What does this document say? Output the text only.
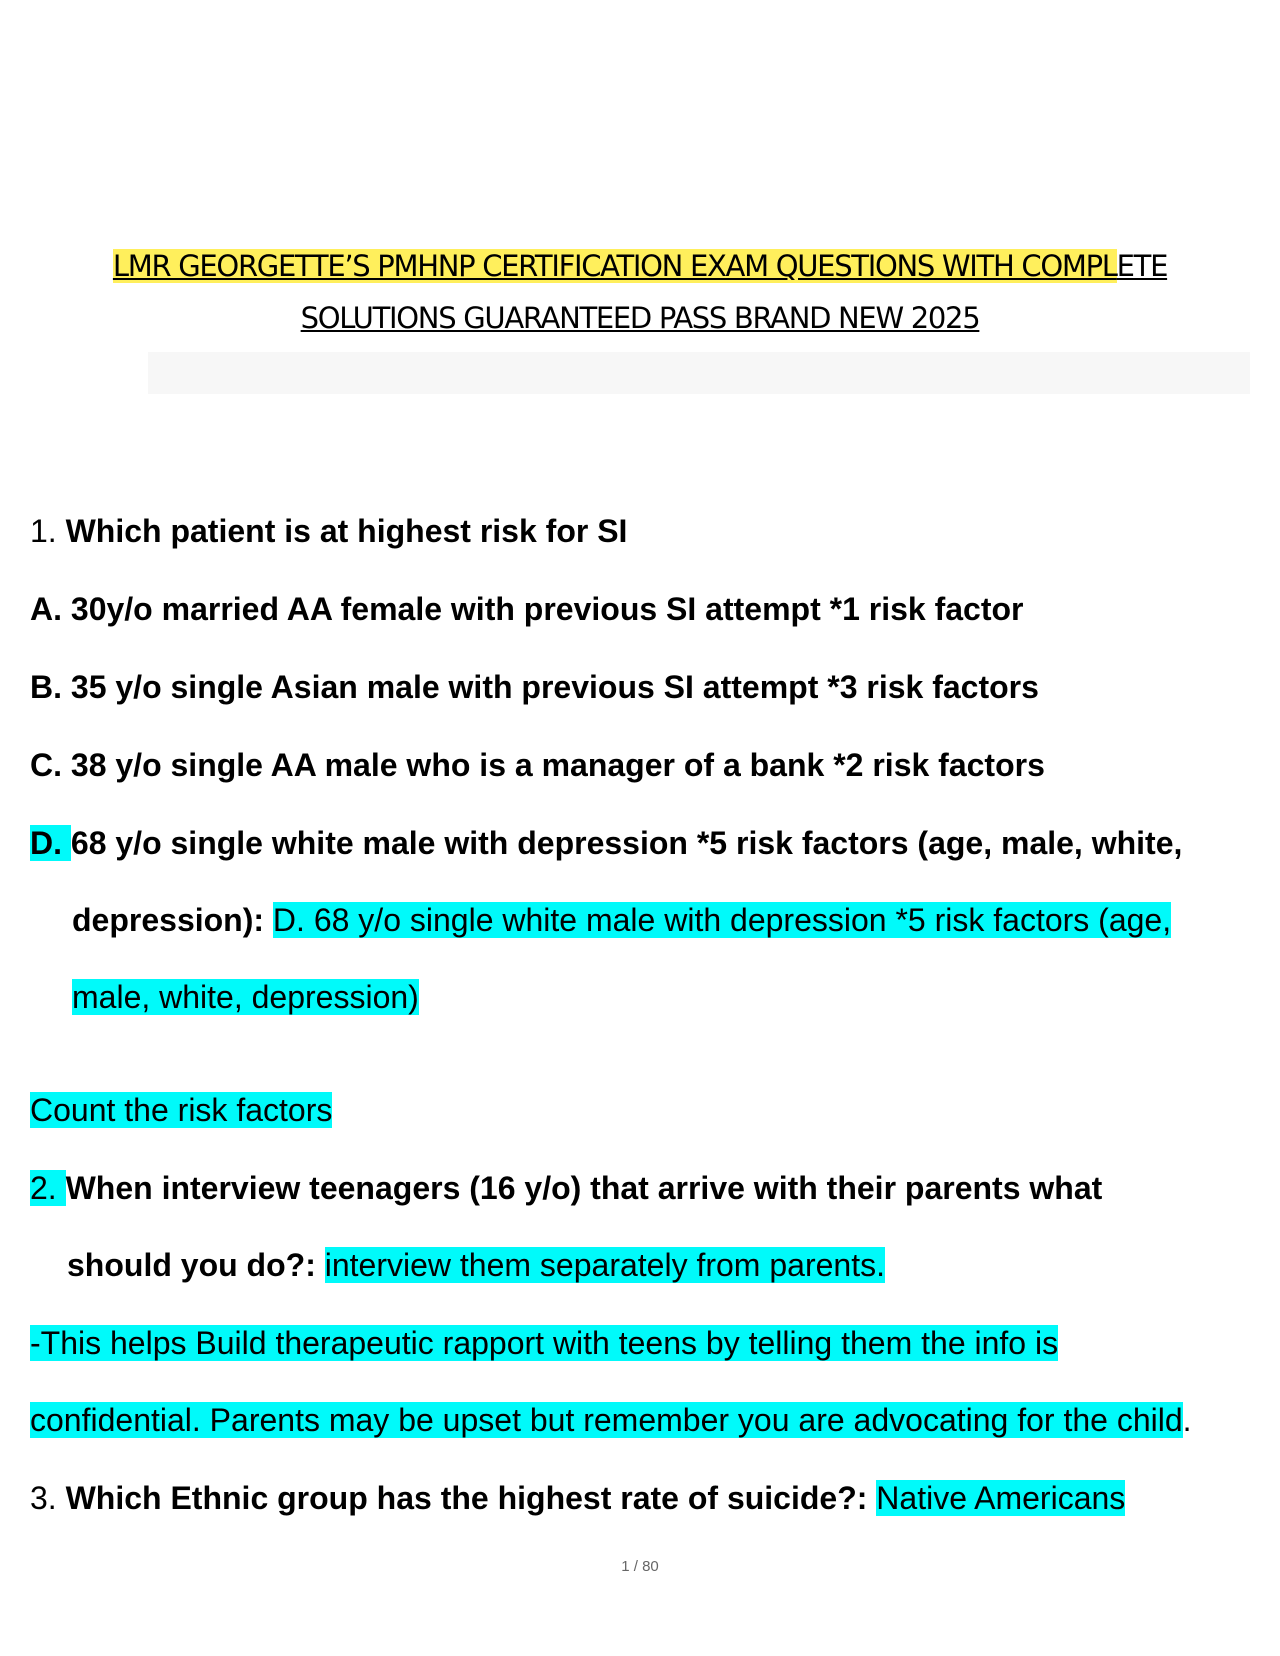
LMR GEORGETTE’S PMHNP CERTIFICATION EXAM QUESTIONS WITH COMPLETE
SOLUTIONS GUARANTEED PASS BRAND NEW 2025
1. Which patient is at highest risk for SI
A. 30y/o married AA female with previous SI attempt *1 risk factor
B. 35 y/o single Asian male with previous SI attempt *3 risk factors
C. 38 y/o single AA male who is a manager of a bank *2 risk factors
D. 68 y/o single white male with depression *5 risk factors (age, male, white,
depression): D. 68 y/o single white male with depression *5 risk factors (age,
male, white, depression)
Count the risk factors
2. When interview teenagers (16 y/o) that arrive with their parents what
should you do?: interview them separately from parents.
-This helps Build therapeutic rapport with teens by telling them the info is
confidential. Parents may be upset but remember you are advocating for the child.
3. Which Ethnic group has the highest rate of suicide?: Native Americans
1 / 80
